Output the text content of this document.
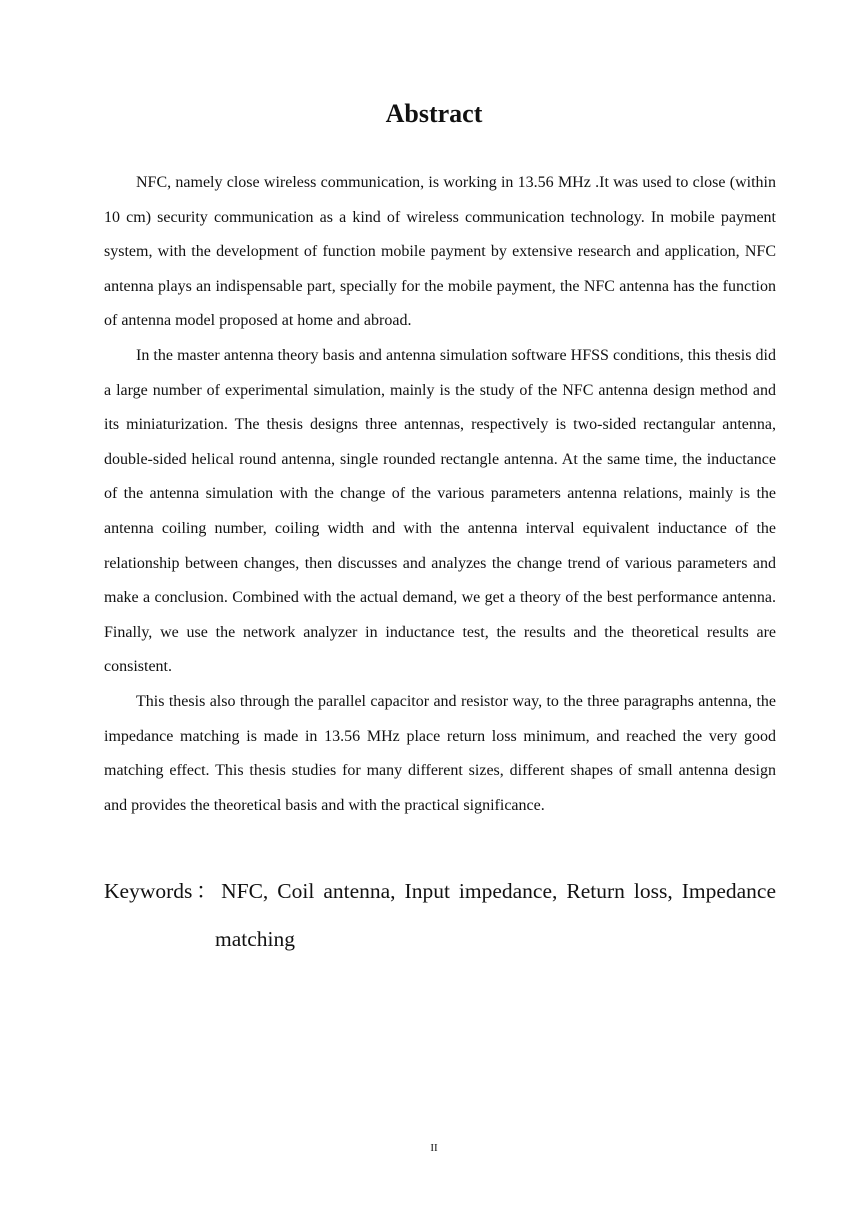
Abstract

NFC, namely close wireless communication, is working in 13.56 MHz .It was used to close (within 10 cm) security communication as a kind of wireless communication technology. In mobile payment system, with the development of function mobile payment by extensive research and application, NFC antenna plays an indispensable part, specially for the mobile payment, the NFC antenna has the function of antenna model proposed at home and abroad.

In the master antenna theory basis and antenna simulation software HFSS conditions, this thesis did a large number of experimental simulation, mainly is the study of the NFC antenna design method and its miniaturization. The thesis designs three antennas, respectively is two-sided rectangular antenna, double-sided helical round antenna, single rounded rectangle antenna. At the same time, the inductance of the antenna simulation with the change of the various parameters antenna relations, mainly is the antenna coiling number, coiling width and with the antenna interval equivalent inductance of the relationship between changes, then discusses and analyzes the change trend of various parameters and make a conclusion. Combined with the actual demand, we get a theory of the best performance antenna. Finally, we use the network analyzer in inductance test, the results and the theoretical results are consistent.

This thesis also through the parallel capacitor and resistor way, to the three paragraphs antenna, the impedance matching is made in 13.56 MHz place return loss minimum, and reached the very good matching effect. This thesis studies for many different sizes, different shapes of small antenna design and provides the theoretical basis and with the practical significance.

Keywords：NFC, Coil antenna, Input impedance, Return loss, Impedance
matching
II
